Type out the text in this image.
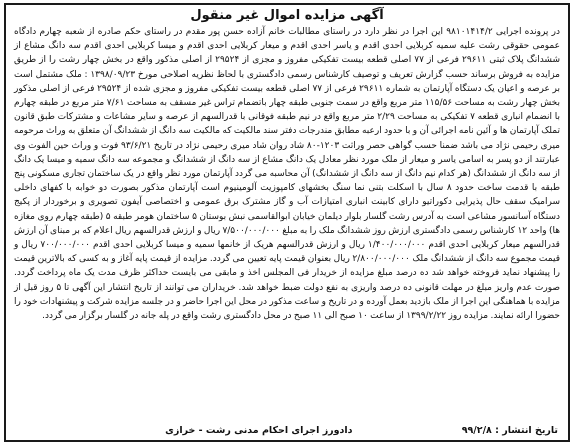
آگهی مزایده اموال غیر منقول

در پرونده اجرایی ۹۸۱۰۱۴۱۴/۲ این اجرا در نظر دارد در راستای مطالبات خانم آزاده حسن پور مقدم در راستای حکم صادره از شعبه چهارم دادگاه عمومی حقوقی رشت علیه سمیه کربلایی احدی اقدم و یاسر احدی اقدم و میعار کربلایی احدی اقدم و میسا کربلایی احدی اقدم سه دانگ مشاع از ششدانگ پلاک ثبتی ۲۹۶۱۱ فرعی از ۷۷ اصلی قطعه بیست تفکیکی مفروز و مجزی از ۲۹۵۲۴ از اصلی مذکور واقع در بخش چهار رشت را از طریق مزایده به فروش برساند حسب گزارش تعریف و توصیف کارشناس رسمی دادگستری با لحاظ نظریه اصلاحی مورخ ۱۳۹۸/۰۹/۲۳ : ملک مشتمل است بر عرصه و اعیان یک دستگاه آپارتمان به شماره ۲۹۶۱۱ فرعی از ۷۷ اصلی قطعه بیست تفکیکی مفروز و مجزی شده از ۲۹۵۲۴ فرعی از اصلی مذکور بخش چهار رشت به مساحت ۱۱۵/۵۶ متر مربع واقع در سمت جنوبی طبقه چهار باتضمام تراس غیر مسقف به مساحت ۷/۶۱ متر مربع در طبقه چهارم با انضمام انباری قطعه ۷ تفکیکی به مساحت ۲/۲۹ متر مربع واقع در نیم طبقه فوقانی با قدرالسهم از عرصه و سایر مشاعات و مشترکات طبق قانون تملک آپارتمان ها و آئین نامه اجرائی آن و با حدود ارعبه مطابق مندرجات دفتر سند مالکیت که مالکیت سه دانگ از ششدانگ آن متعلق به وراث مرحومه میری رحیمی نژاد می باشد ضمنا حسب گواهی حصر وراثت ۱۲۰۳-۸۰ شاد روان شاد میری رحیمی نژاد در تاریخ ۹۳/۶/۲۱ فوت و وراث حین الفوت وی عبارتند از دو پسر به اسامی یاسر و میعار از ملک مورد نظر معادل یک دانگ مشاع از سه دانگ از ششدانگ و مجموعه سه دانگ سمیه و میسا یک دانگ از سه دانگ از ششدانگ (هر کدام نیم دانگ از سه دانگ از ششدانگ) آن محاسبه می گردد آپارتمان مورد نظر واقع در یک ساختمان تجاری مسکونی پنج طبقه با قدمت ساخت حدود ۸ سال با اسکلت بتنی نما سنگ بخشهای کامپوزیت آلومینیوم است آپارتمان مذکور بصورت دو خوابه با کفهای داخلی سرامیک سقف حال پذیرایی دکوراتیو دارای کابینت انباری امتیازات آب و گاز مشترک برق عمومی و اختصاصی آیفون تصویری و برخوردار از پکیج دستگاه آسانسور مشاعی است به آدرس رشت گلسار بلوار دیلمان خیابان ابوالقاسمی نبش بوستان ۵ ساختمان هومر طبقه ۵ (طبقه چهارم روی مغازه ها) واحد ۱۲ کارشناس رسمی دادگستری ارزش روز ششدانگ ملک را به مبلغ ۷/۵۰۰/۰۰۰/۰۰۰ ریال و ارزش قدرالسهم ریال اعلام که بر مبنای آن ارزش قدرالسهم میعار کربلایی احدی اقدم ۱/۴۰۰/۰۰۰/۰۰۰ ریال و ارزش قدرالسهم هریک از خانمها سمیه و میسا کربلایی احدی اقدم ۷۰۰/۰۰۰/۰۰۰ ریال و قیمت مجموع سه دانگ از ششدانگ ملک ۲/۸۰۰/۰۰۰/۰۰۰ ریال بعنوان قیمت پایه تعیین می گردد. مزایده از قیمت پایه آغاز و به کسی که بالاترین قیمت را پیشنهاد نماید فروخته خواهد شد ده درصد مبلغ مزایده از خریدار فی المجلس اخذ و مابقی می بایست حداکثر ظرف مدت یک ماه پرداخت گردد. صورت عدم واریز مبلغ در مهلت قانونی ده درصد واریزی به نفع دولت ضبط خواهد شد. خریداران می توانند از تاریخ انتشار این آگهی تا ۵ روز قبل از مزایده با هماهنگی این اجرا از ملک بازدید بعمل آورده و در تاریخ و ساعت مذکور در محل این اجرا حاضر و در جلسه مزایده شرکت و پیشنهادات خود را حضورا ارائه نمایند. مزایده روز ۱۳۹۹/۲/۲۲ از ساعت ۱۰ صبح الی ۱۱ صبح در محل دادگستری رشت واقع در پله جانه در گلسار برگزار می گردد.

تاریخ انتشار : ۹۹/۲/۸
دادورز اجرای احکام مدنی رشت - خرازی
